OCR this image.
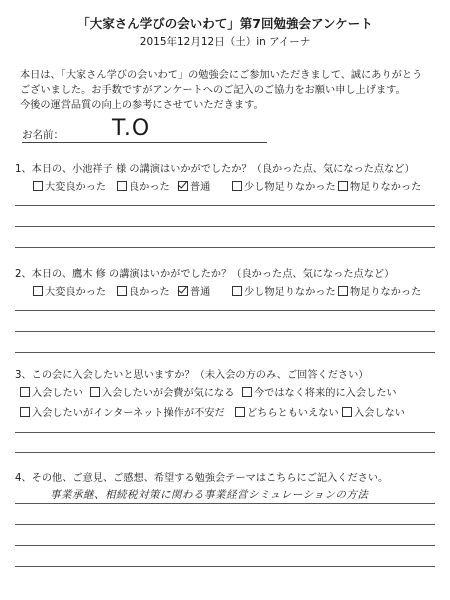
「大家さん学びの会いわて」第7回勉強会アンケート
2015年12月12日（土）in アイーナ
本日は、「大家さん学びの会いわて」の勉強会にご参加いただきまして、誠にありがとう
ございました。お手数ですがアンケートへのご記入のご協力をお願い申し上げます。
今後の運営品質の向上の参考にさせていただきます。
お名前： T.O
1、本日の、小池祥子 様 の講演はいかがでしたか？（良かった点、気になった点など）
大変良かった 良かった 普通	少し物足りなかった 物足りなかった
2、本日の、鷹木 修 の講演はいかがでしたか？（良かった点、気になった点など）
大変良かった 良かった 普通	少し物足りなかった 物足りなかった
3、この会に入会したいと思いますか？（未入会の方のみ、ご回答ください）
入会したい 入会したいが会費が気になる 今ではなく将来的に入会したい
入会したいがインターネット操作が不安だ どちらともいえない 入会しない
4、その他、ご意見、ご感想、希望する勉強会テーマはこちらにご記入ください。
事業承継、相続税対策に関わる事業経営シミュレーションの方法
